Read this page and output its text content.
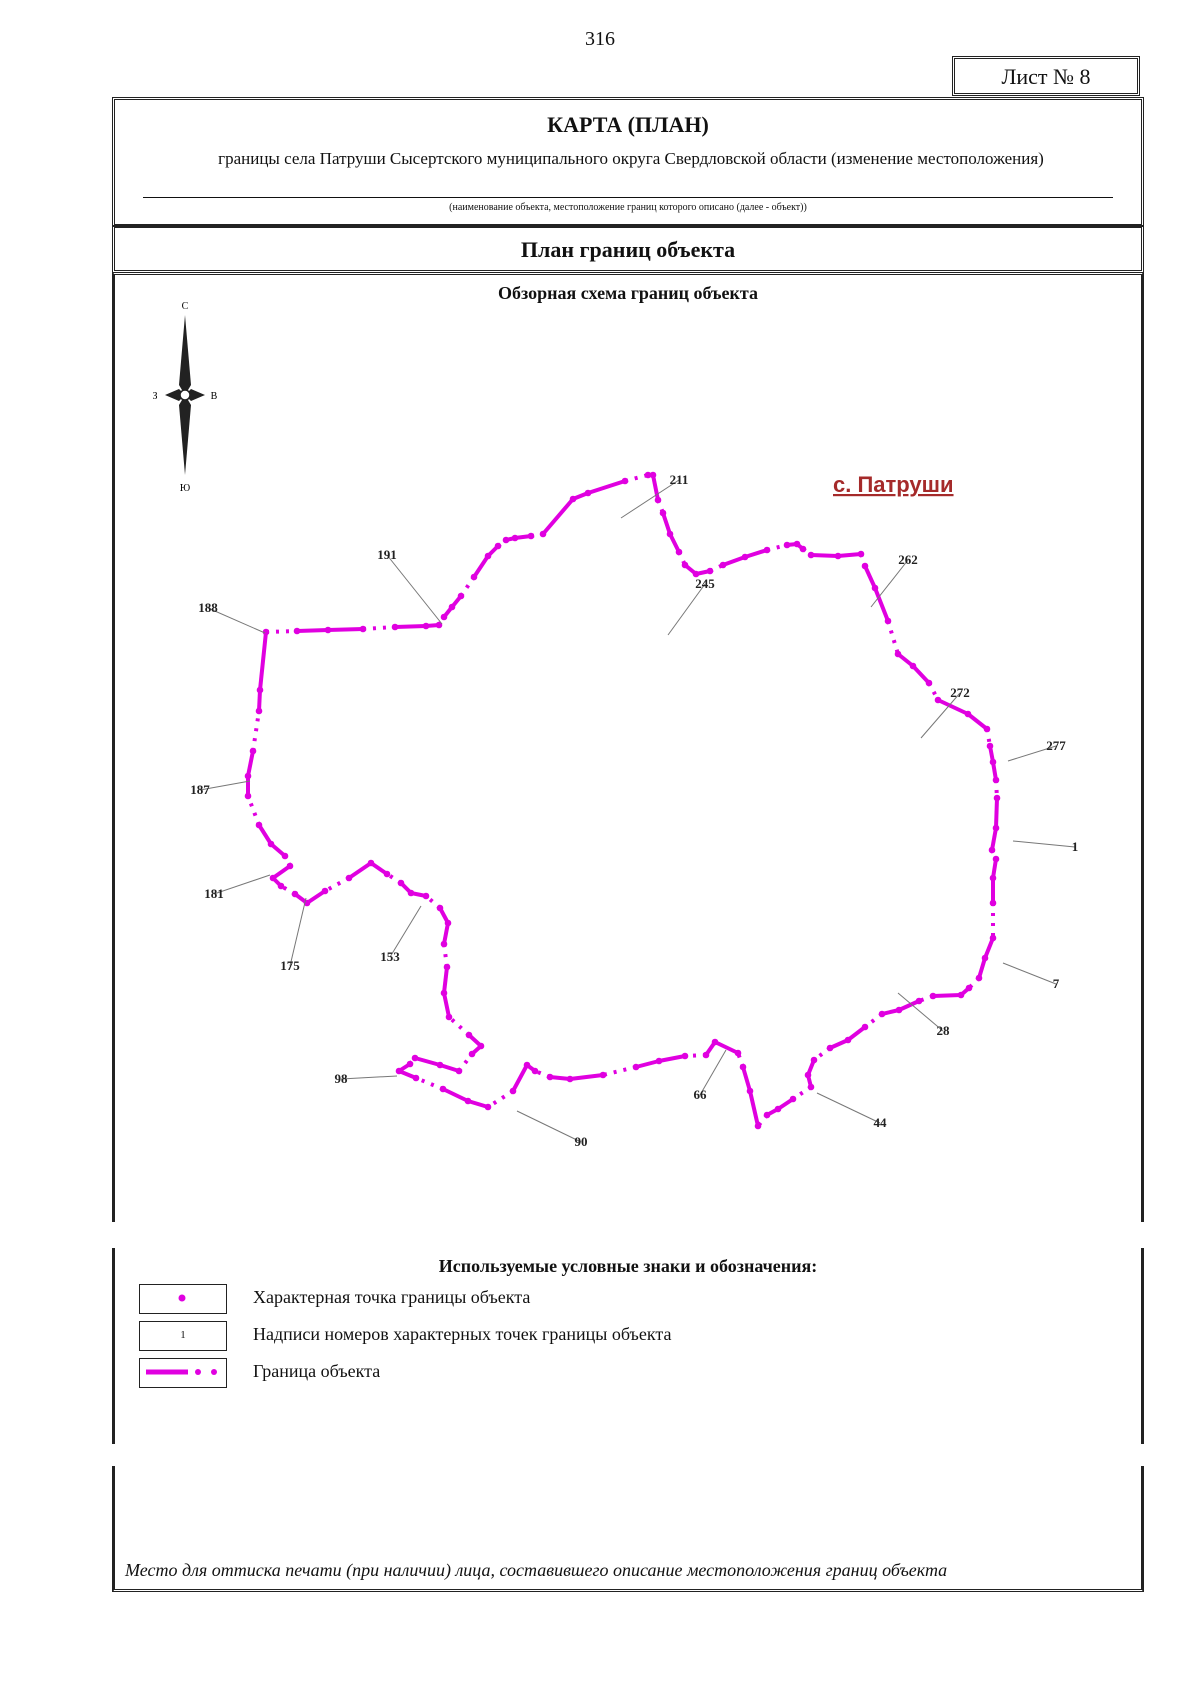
316
Лист № 8
КАРТА (ПЛАН)
границы села Патруши Сысертского муниципального округа Свердловской области (изменение местоположения)
(наименование объекта, местоположение границ которого описано (далее - объект))
План границ объекта
Обзорная схема границ объекта
С
Ю
З	В
с. Патруши
211
191
245
262
188
272
277
187
1
181
7
175
153
28
98
66
44
90
Используемые условные знаки и обозначения:
Характерная точка границы объекта
1	Надписи номеров характерных точек границы объекта
Граница объекта
Место для оттиска печати (при наличии) лица, составившего описание местоположения границ объекта
